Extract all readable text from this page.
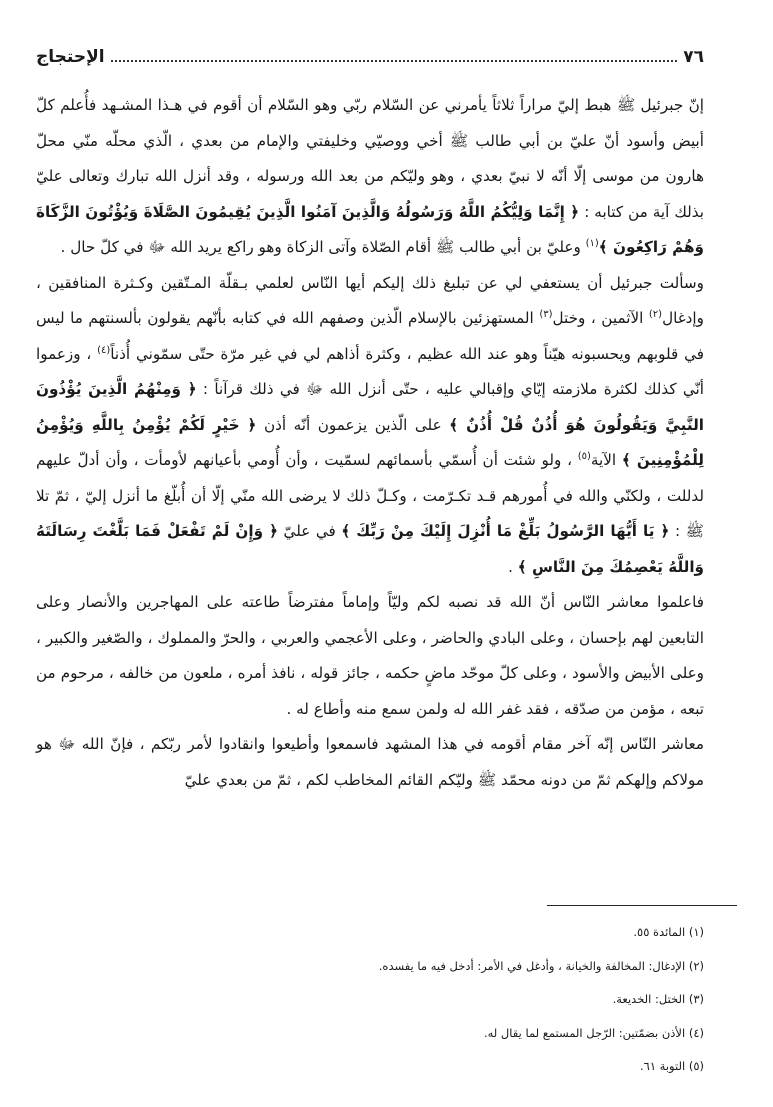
٧٦
الإحتجاج

إنّ جبرئيل ﷺ هبط إليّ مراراً ثلاثاً يأمرني عن السّلام ربّي وهو السّلام أن أقوم في هـذا المشـهد فأُعلم كلّ أبيض وأسود أنّ عليّ بن أبي طالب ﷺ أخي ووصيّي وخليفتي والإمام من بعدي ، الّذي محلّه منّي محلّ هارون من موسى إلّا أنّه لا نبيّ بعدي ، وهو وليّكم من بعد الله ورسوله ، وقد أنزل الله تبارك وتعالى عليّ بذلك آية من كتابه : ﴿ إِنَّمَا وَلِيُّكُمُ اللَّهُ وَرَسُولُهُ وَالَّذِينَ آمَنُوا الَّذِينَ يُقِيمُونَ الصَّلَاةَ وَيُؤْتُونَ الزَّكَاةَ وَهُمْ رَاكِعُونَ ﴾$^{(١)}$ وعليّ بن أبي طالب ﷺ أقام الصّلاة وآتى الزكاة وهو راكع يريد الله ﷻ في كلّ حال .

وسألت جبرئيل أن يستعفي لي عن تبليغ ذلك إليكم أيها النّاس لعلمي بـقلّة المـتّقين وكـثرة المنافقين ، وإدغال$^{(٢)}$ الآثمين ، وختل$^{(٣)}$ المستهزئين بالإسلام الّذين وصفهم الله في كتابه بأنّهم يقولون بألسنتهم ما ليس في قلوبهم ويحسبونه هيّناً وهو عند الله عظيم ، وكثرة أذاهم لي في غير مرّة حتّى سمّوني أُذناً$^{(٤)}$ ، وزعموا أنّي كذلك لكثرة ملازمته إيّاي وإقبالي عليه ، حتّى أنزل الله ﷻ في ذلك قرآناً : ﴿ وَمِنْهُمُ الَّذِينَ يُؤْذُونَ النَّبِيَّ وَيَقُولُونَ هُوَ أُذُنٌ قُلْ أُذُنٌ ﴾ على الّذين يزعمون أنّه أذن ﴿ خَيْرٍ لَكُمْ يُؤْمِنُ بِاللَّهِ وَيُؤْمِنُ لِلْمُؤْمِنِينَ ﴾ الآية$^{(٥)}$ ، ولو شئت أن أُسمّي بأسمائهم لسمّيت ، وأن أُومي بأعيانهم لأومأت ، وأن أدلّ عليهم لدللت ، ولكنّي والله في أُمورهم قـد تكـرّمت ، وكـلّ ذلك لا يرضى الله منّي إلّا أن أُبلّغ ما أنزل إليّ ، ثمّ تلا ﷺ : ﴿ يَا أَيُّهَا الرَّسُولُ بَلِّغْ مَا أُنْزِلَ إِلَيْكَ مِنْ رَبِّكَ ﴾ في عليّ ﴿ وَإِنْ لَمْ تَفْعَلْ فَمَا بَلَّغْتَ رِسَالَتَهُ وَاللَّهُ يَعْصِمُكَ مِنَ النَّاسِ ﴾ .

فاعلموا معاشر النّاس أنّ الله قد نصبه لكم وليّاً وإماماً مفترضاً طاعته على المهاجرين والأنصار وعلى التابعين لهم بإحسان ، وعلى البادي والحاضر ، وعلى الأعجمي والعربي ، والحرّ والمملوك ، والصّغير والكبير ، وعلى الأبيض والأسود ، وعلى كلّ موحّد ماضٍ حكمه ، جائز قوله ، نافذ أمره ، ملعون من خالفه ، مرحوم من تبعه ، مؤمن من صدّقه ، فقد غفر الله له ولمن سمع منه وأطاع له .

معاشر النّاس إنّه آخر مقام أقومه في هذا المشهد فاسمعوا وأطيعوا وانقادوا لأمر ربّكم ، فإنّ الله ﷻ هو مولاكم وإلهكم ثمّ من دونه محمّد ﷺ وليّكم القائم المخاطب لكم ، ثمّ من بعدي عليّ

(١) المائدة ٥٥.
(٢) الإدغال: المخالفة والخيانة ، وأدغل في الأمر: أدخل فيه ما يفسده.
(٣) الختل: الخديعة.
(٤) الأذن بضمّتين: الرّجل المستمع لما يقال له.
(٥) التوبة ٦١.
